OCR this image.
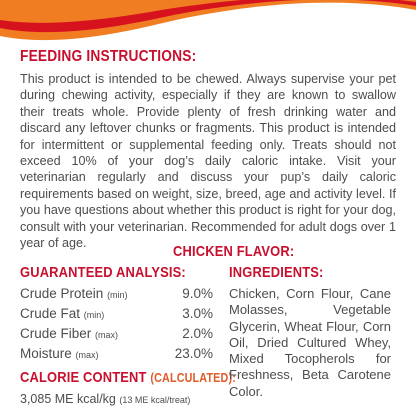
FEEDING INSTRUCTIONS:
This product is intended to be chewed. Always supervise your pet during chewing activity, especially if they are known to swallow their treats whole. Provide plenty of fresh drinking water and discard any leftover chunks or fragments. This product is intended for intermittent or supplemental feeding only. Treats should not exceed 10% of your dog’s daily caloric intake. Visit your veterinarian regularly and discuss your pup’s daily caloric requirements based on weight, size, breed, age and activity level. If you have questions about whether this product is right for your dog, consult with your veterinarian. Recommended for adult dogs over 1 year of age.	CHICKEN FLAVOR:
GUARANTEED ANALYSIS:
Crude Protein (min)	9.0%
Crude Fat (min)	3.0%
Crude Fiber (max)	2.0%
Moisture (max)	23.0%
CALORIE CONTENT (CALCULATED):
3,085 ME kcal/kg (13 ME kcal/treat)
INGREDIENTS:
Chicken, Corn Flour, Cane Molasses, Vegetable Glycerin, Wheat Flour, Corn Oil, Dried Cultured Whey, Mixed Tocopherols for Freshness, Beta Carotene Color.
